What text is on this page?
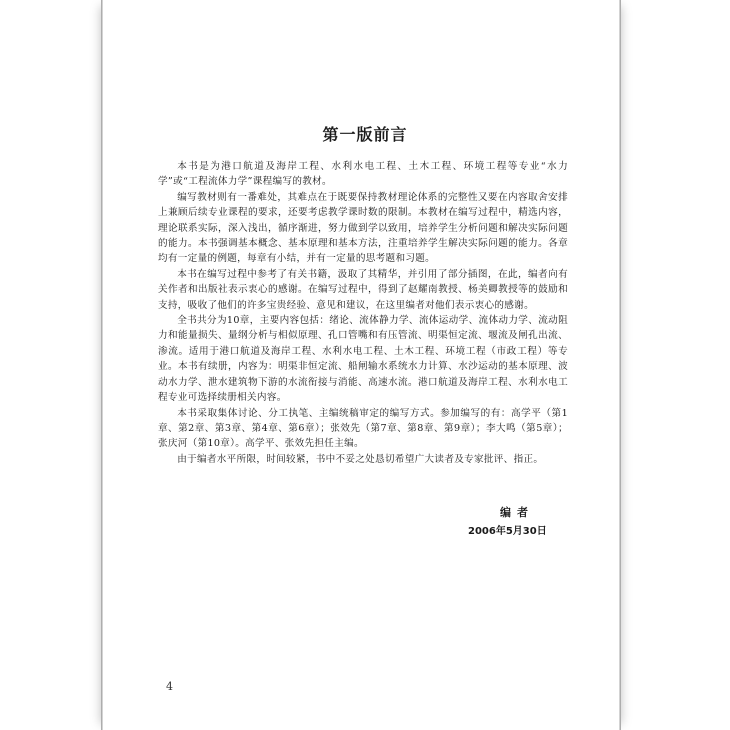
第一版前言

本书是为港口航道及海岸工程、水利水电工程、土木工程、环境工程等专业“水力学”或“工程流体力学”课程编写的教材。

编写教材则有一番难处，其难点在于既要保持教材理论体系的完整性又要在内容取舍安排上兼顾后续专业课程的要求，还要考虑教学课时数的限制。本教材在编写过程中，精选内容，理论联系实际，深入浅出，循序渐进，努力做到学以致用，培养学生分析问题和解决实际问题的能力。本书强调基本概念、基本原理和基本方法，注重培养学生解决实际问题的能力。各章均有一定量的例题，每章有小结，并有一定量的思考题和习题。

本书在编写过程中参考了有关书籍，汲取了其精华，并引用了部分插图，在此，编者向有关作者和出版社表示衷心的感谢。在编写过程中，得到了赵耀南教授、杨美卿教授等的鼓励和支持，吸收了他们的许多宝贵经验、意见和建议，在这里编者对他们表示衷心的感谢。

全书共分为10章，主要内容包括：绪论、流体静力学、流体运动学、流体动力学、流动阻力和能量损失、量纲分析与相似原理、孔口管嘴和有压管流、明渠恒定流、堰流及闸孔出流、渗流。适用于港口航道及海岸工程、水利水电工程、土木工程、环境工程（市政工程）等专业。本书有续册，内容为：明渠非恒定流、船闸输水系统水力计算、水沙运动的基本原理、波动水力学、泄水建筑物下游的水流衔接与消能、高速水流。港口航道及海岸工程、水利水电工程专业可选择续册相关内容。

本书采取集体讨论、分工执笔、主编统稿审定的编写方式。参加编写的有：高学平（第1章、第2章、第3章、第4章、第6章）；张效先（第7章、第8章、第9章）；李大鸣（第5章）；张庆河（第10章）。高学平、张效先担任主编。

由于编者水平所限，时间较紧，书中不妥之处恳切希望广大读者及专家批评、指正。

编者
2006年5月30日
4
